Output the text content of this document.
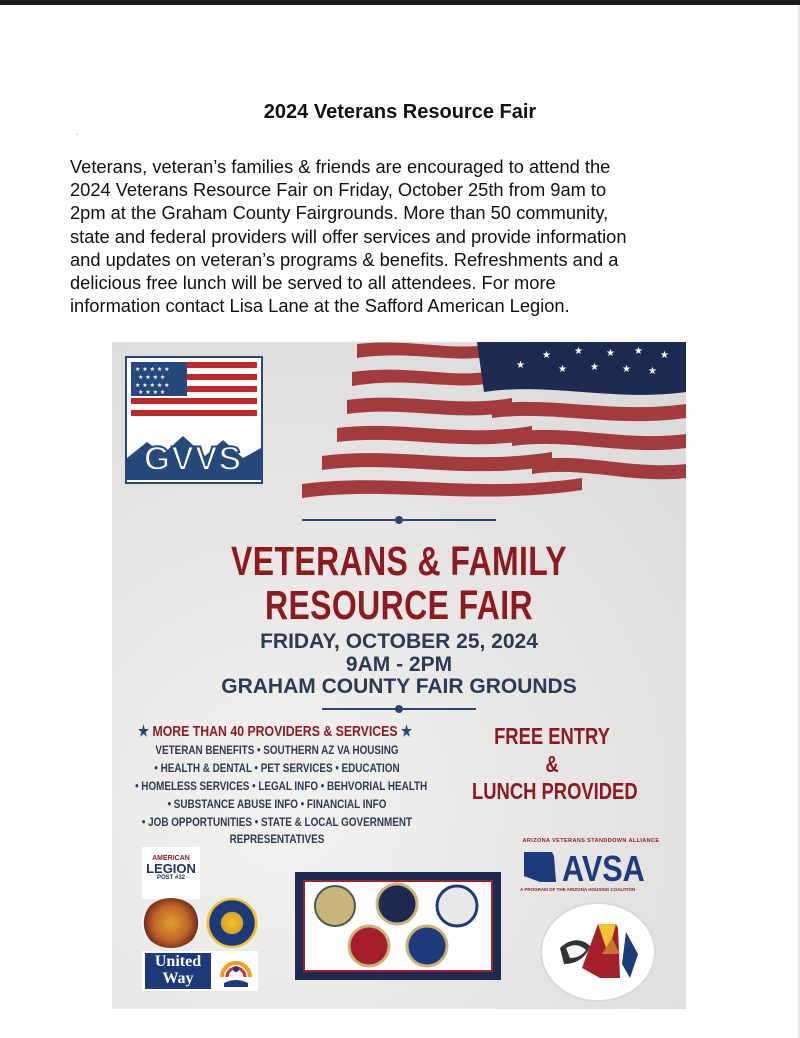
2024 Veterans Resource Fair
.
Veterans, veteran’s families & friends are encouraged to attend the
2024 Veterans Resource Fair on Friday, October 25th from 9am to
2pm at the Graham County Fairgrounds. More than 50 community,
state and federal providers will offer services and provide information
and updates on veteran’s programs & benefits. Refreshments and a
delicious free lunch will be served to all attendees. For more
information contact Lisa Lane at the Safford American Legion.
★ ★ ★ ★ ★
★ ★ ★ ★
★
★ ★ ★ ★ ★
★ ★ ★ ★
★ ★ ★ ★ ★
★ ★ ★ ★
GVVS
VETERANS & FAMILY
RESOURCE FAIR
FRIDAY, OCTOBER 25, 2024
9AM - 2PM
GRAHAM COUNTY FAIR GROUNDS
★ MORE THAN 40 PROVIDERS & SERVICES ★
VETERAN BENEFITS • SOUTHERN AZ VA HOUSING
• HEALTH & DENTAL • PET SERVICES • EDUCATION
• HOMELESS SERVICES • LEGAL INFO • BEHVORIAL HEALTH
• SUBSTANCE ABUSE INFO • FINANCIAL INFO
• JOB OPPORTUNITIES • STATE & LOCAL GOVERNMENT
REPRESENTATIVES
FREE ENTRY
&
LUNCH PROVIDED
AMERICAN
LEGION
POST #32
United
Way
ARIZONA VETERANS STANDDOWN ALLIANCE
AVSA
A PROGRAM OF THE ARIZONA HOUSING COALITION
